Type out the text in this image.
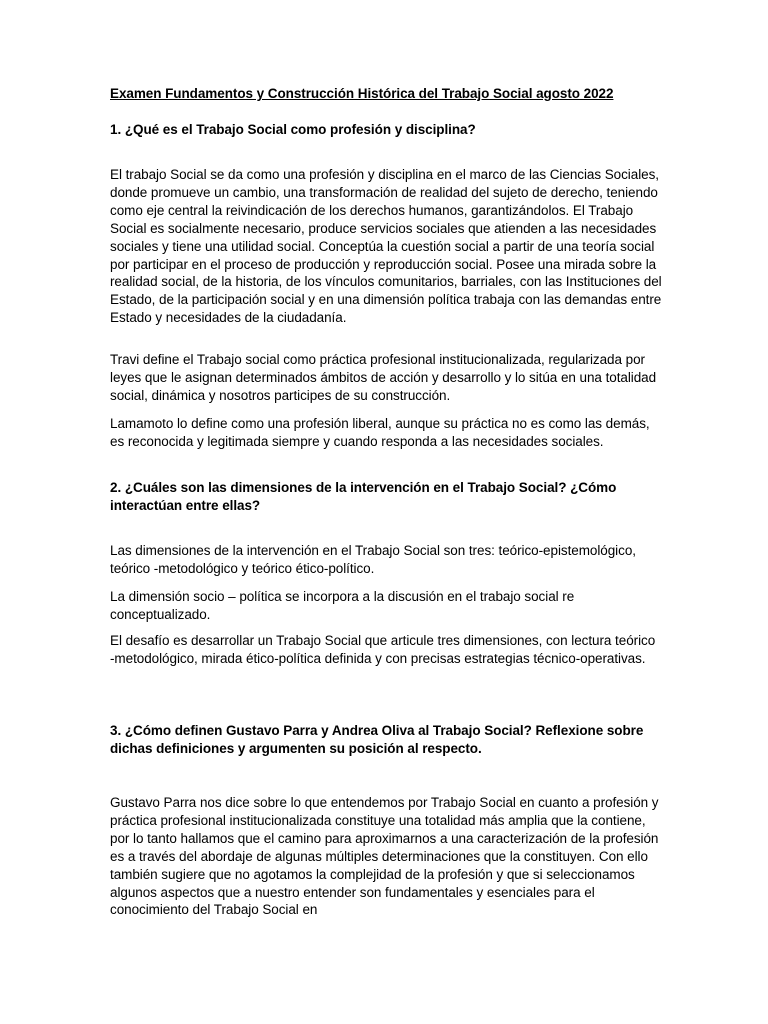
Examen Fundamentos y Construcción Histórica del Trabajo Social agosto 2022

1. ¿Qué es el Trabajo Social como profesión y disciplina?

El trabajo Social se da como una profesión y disciplina en el marco de las Ciencias Sociales, donde promueve un cambio, una transformación de realidad del sujeto de derecho, teniendo como eje central la reivindicación de los derechos humanos, garantizándolos. El Trabajo Social es socialmente necesario, produce servicios sociales que atienden a las necesidades sociales y tiene una utilidad social. Conceptúa la cuestión social a partir de una teoría social por participar en el proceso de producción y reproducción social. Posee una mirada sobre la realidad social, de la historia, de los vínculos comunitarios, barriales, con las Instituciones del Estado, de la participación social y en una dimensión política trabaja con las demandas entre Estado y necesidades de la ciudadanía.

Travi define el Trabajo social como práctica profesional institucionalizada, regularizada por leyes que le asignan determinados ámbitos de acción y desarrollo y lo sitúa en una totalidad social, dinámica y nosotros participes de su construcción.

Lamamoto lo define como una profesión liberal, aunque su práctica no es como las demás, es reconocida y legitimada siempre y cuando responda a las necesidades sociales.

2. ¿Cuáles son las dimensiones de la intervención en el Trabajo Social? ¿Cómo interactúan entre ellas?

Las dimensiones de la intervención en el Trabajo Social son tres: teórico-epistemológico, teórico -metodológico y teórico ético-político.

La dimensión socio – política se incorpora a la discusión en el trabajo social re conceptualizado.

El desafío es desarrollar un Trabajo Social que articule tres dimensiones, con lectura teórico -metodológico, mirada ético-política definida y con precisas estrategias técnico-operativas.

3. ¿Cómo definen Gustavo Parra y Andrea Oliva al Trabajo Social? Reflexione sobre dichas definiciones y argumenten su posición al respecto.

Gustavo Parra nos dice sobre lo que entendemos por Trabajo Social en cuanto a profesión y práctica profesional institucionalizada constituye una totalidad más amplia que la contiene, por lo tanto hallamos que el camino para aproximarnos a una caracterización de la profesión es a través del abordaje de algunas múltiples determinaciones que la constituyen. Con ello también sugiere que no agotamos la complejidad de la profesión y que si seleccionamos algunos aspectos que a nuestro entender son fundamentales y esenciales para el conocimiento del Trabajo Social en
